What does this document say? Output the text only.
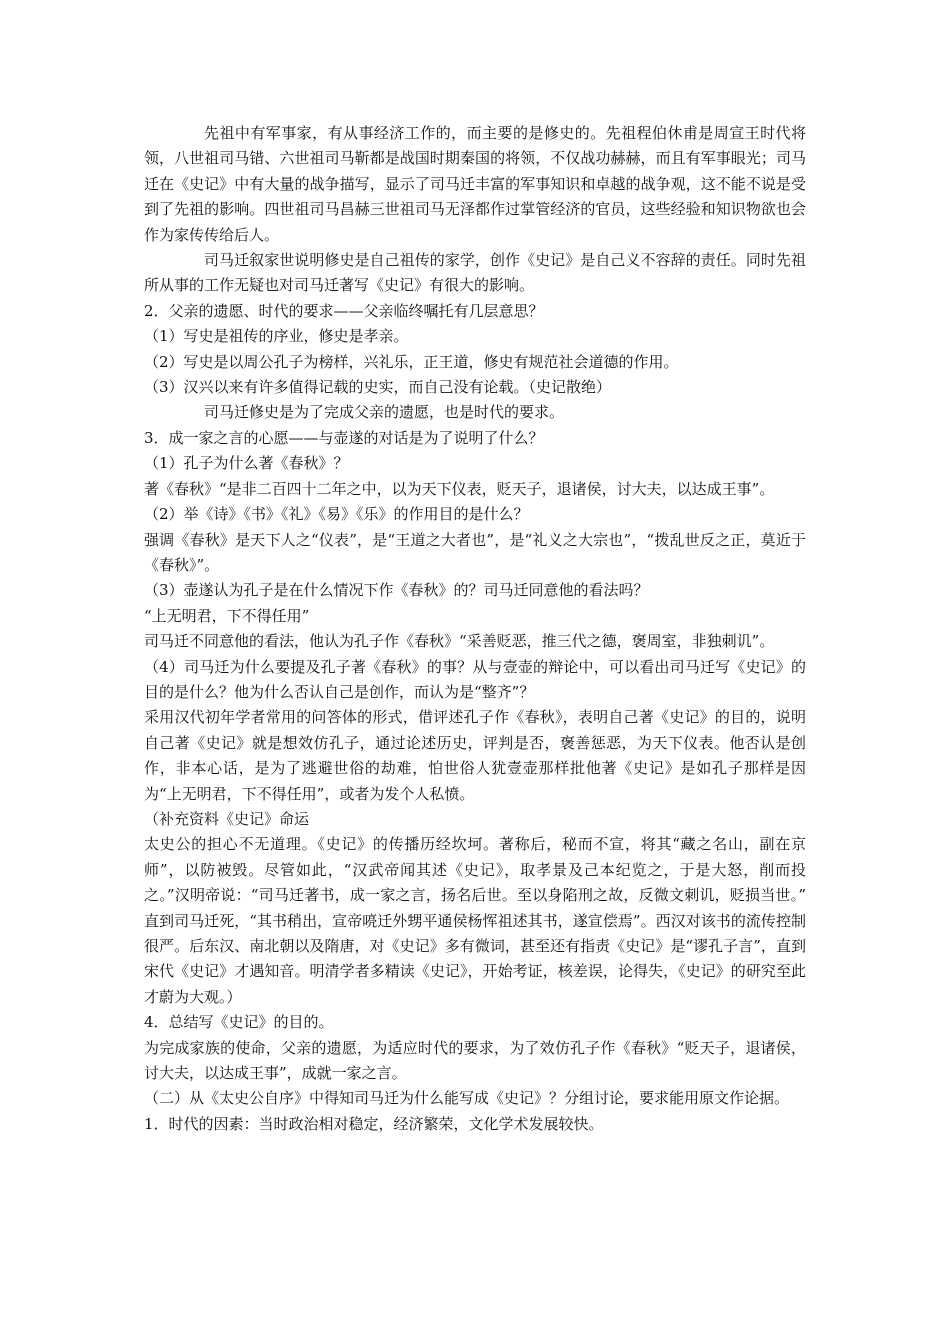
先祖中有军事家，有从事经济工作的，而主要的是修史的。先祖程伯休甫是周宣王时代将领，八世祖司马错、六世祖司马靳都是战国时期秦国的将领，不仅战功赫赫，而且有军事眼光；司马迁在《史记》中有大量的战争描写，显示了司马迁丰富的军事知识和卓越的战争观，这不能不说是受到了先祖的影响。四世祖司马昌赫三世祖司马无泽都作过掌管经济的官员，这些经验和知识物欲也会作为家传传给后人。

司马迁叙家世说明修史是自己祖传的家学，创作《史记》是自己义不容辞的责任。同时先祖所从事的工作无疑也对司马迁著写《史记》有很大的影响。

2．父亲的遗愿、时代的要求——父亲临终嘱托有几层意思？

（1）写史是祖传的序业，修史是孝亲。

（2）写史是以周公孔子为榜样，兴礼乐，正王道，修史有规范社会道德的作用。

（3）汉兴以来有许多值得记载的史实，而自己没有论载。（史记散绝）

司马迁修史是为了完成父亲的遗愿，也是时代的要求。

3．成一家之言的心愿——与壶遂的对话是为了说明了什么？

（1）孔子为什么著《春秋》？

著《春秋》“是非二百四十二年之中，以为天下仪表，贬天子，退诸侯，讨大夫，以达成王事”。

（2）举《诗》《书》《礼》《易》《乐》的作用目的是什么？

强调《春秋》是天下人之“仪表”，是“王道之大者也”，是“礼义之大宗也”，“拨乱世反之正，莫近于《春秋》”。

（3）壶遂认为孔子是在什么情况下作《春秋》的？司马迁同意他的看法吗？

“上无明君，下不得任用”

司马迁不同意他的看法，他认为孔子作《春秋》“采善贬恶，推三代之德，褒周室，非独刺讥”。

（4）司马迁为什么要提及孔子著《春秋》的事？从与壹壶的辩论中，可以看出司马迁写《史记》的目的是什么？他为什么否认自己是创作，而认为是“整齐”？

采用汉代初年学者常用的问答体的形式，借评述孔子作《春秋》，表明自己著《史记》的目的，说明自己著《史记》就是想效仿孔子，通过论述历史，评判是否，褒善惩恶，为天下仪表。他否认是创作，非本心话，是为了逃避世俗的劫难，怕世俗人犹壹壶那样批他著《史记》是如孔子那样是因为“上无明君，下不得任用”，或者为发个人私愤。

（补充资料《史记》命运

太史公的担心不无道理。《史记》的传播历经坎坷。著称后，秘而不宣，将其“藏之名山，副在京师”，以防被毁。尽管如此，“汉武帝闻其述《史记》，取孝景及己本纪览之，于是大怒，削而投之。”汉明帝说：“司马迁著书，成一家之言，扬名后世。至以身陷刑之故，反微文刺讥，贬损当世。” 直到司马迁死，“其书稍出，宣帝喨迁外甥平通侯杨恽祖述其书，遂宣偿焉”。西汉对该书的流传控制很严。后东汉、南北朝以及隋唐，对《史记》多有微词，甚至还有指责《史记》是“谬孔子言”，直到宋代《史记》才遇知音。明清学者多精读《史记》，开始考证，核差误，论得失，《史记》的研究至此才蔚为大观。）

4．总结写《史记》的目的。

为完成家族的使命，父亲的遗愿，为适应时代的要求，为了效仿孔子作《春秋》“贬天子，退诸侯，讨大夫，以达成王事”，成就一家之言。

（二）从《太史公自序》中得知司马迁为什么能写成《史记》？分组讨论，要求能用原文作论据。

1．时代的因素：当时政治相对稳定，经济繁荣，文化学术发展较快。
